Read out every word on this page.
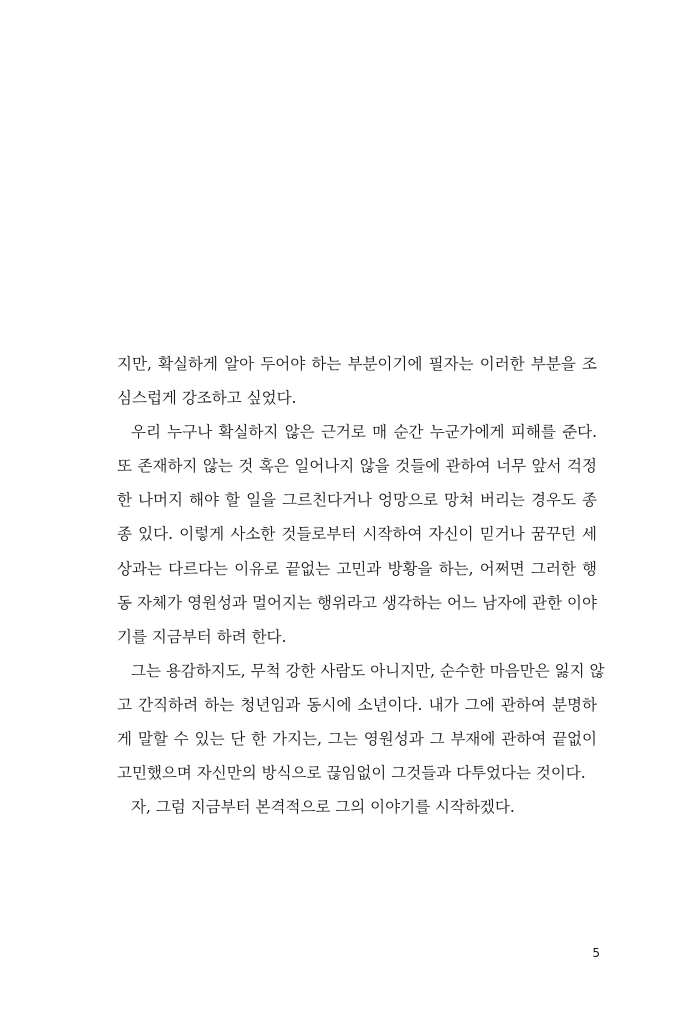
지만, 확실하게 알아 두어야 하는 부분이기에 필자는 이러한 부분을 조
심스럽게 강조하고 싶었다.

우리 누구나 확실하지 않은 근거로 매 순간 누군가에게 피해를 준다.
또 존재하지 않는 것 혹은 일어나지 않을 것들에 관하여 너무 앞서 걱정
한 나머지 해야 할 일을 그르친다거나 엉망으로 망쳐 버리는 경우도 종
종 있다. 이렇게 사소한 것들로부터 시작하여 자신이 믿거나 꿈꾸던 세
상과는 다르다는 이유로 끝없는 고민과 방황을 하는, 어쩌면 그러한 행
동 자체가 영원성과 멀어지는 행위라고 생각하는 어느 남자에 관한 이야
기를 지금부터 하려 한다.

그는 용감하지도, 무척 강한 사람도 아니지만, 순수한 마음만은 잃지 않
고 간직하려 하는 청년임과 동시에 소년이다. 내가 그에 관하여 분명하
게 말할 수 있는 단 한 가지는, 그는 영원성과 그 부재에 관하여 끝없이
고민했으며 자신만의 방식으로 끊임없이 그것들과 다투었다는 것이다.

자, 그럼 지금부터 본격적으로 그의 이야기를 시작하겠다.

5
